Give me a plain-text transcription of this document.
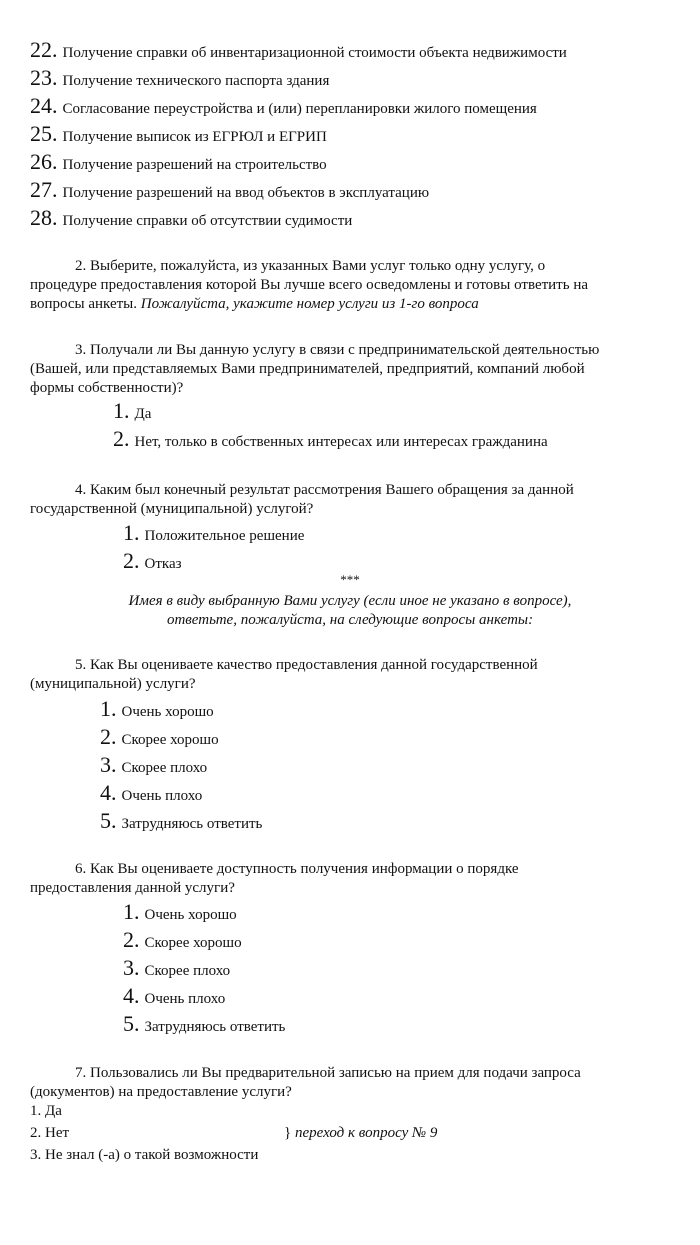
22. Получение справки об инвентаризационной стоимости объекта недвижимости
23. Получение технического паспорта здания
24. Согласование переустройства и (или) перепланировки жилого помещения
25. Получение выписок из ЕГРЮЛ и ЕГРИП
26. Получение разрешений на строительство
27. Получение разрешений на ввод объектов в эксплуатацию
28. Получение справки об отсутствии судимости
2. Выберите, пожалуйста, из указанных Вами услуг только одну услугу, о
процедуре предоставления которой Вы лучше всего осведомлены и готовы ответить на
вопросы анкеты. Пожалуйста, укажите номер услуги из 1-го вопроса
3. Получали ли Вы данную услугу в связи с предпринимательской деятельностью
(Вашей, или представляемых Вами предпринимателей, предприятий, компаний любой
формы собственности)?
1. Да
2. Нет, только в собственных интересах или интересах гражданина
4. Каким был конечный результат рассмотрения Вашего обращения за данной
государственной (муниципальной) услугой?
1. Положительное решение
2. Отказ
***
Имея в виду выбранную Вами услугу (если иное не указано в вопросе),
ответьте, пожалуйста, на следующие вопросы анкеты:
5. Как Вы оцениваете качество предоставления данной государственной
(муниципальной) услуги?
1. Очень хорошо
2. Скорее хорошо
3. Скорее плохо
4. Очень плохо
5. Затрудняюсь ответить
6. Как Вы оцениваете доступность получения информации о порядке
предоставления данной услуги?
1. Очень хорошо
2. Скорее хорошо
3. Скорее плохо
4. Очень плохо
5. Затрудняюсь ответить
7. Пользовались ли Вы предварительной записью на прием для подачи запроса
(документов) на предоставление услуги?
1. Да
2. Нет
3. Не знал (-а) о такой возможности
} переход к вопросу № 9
